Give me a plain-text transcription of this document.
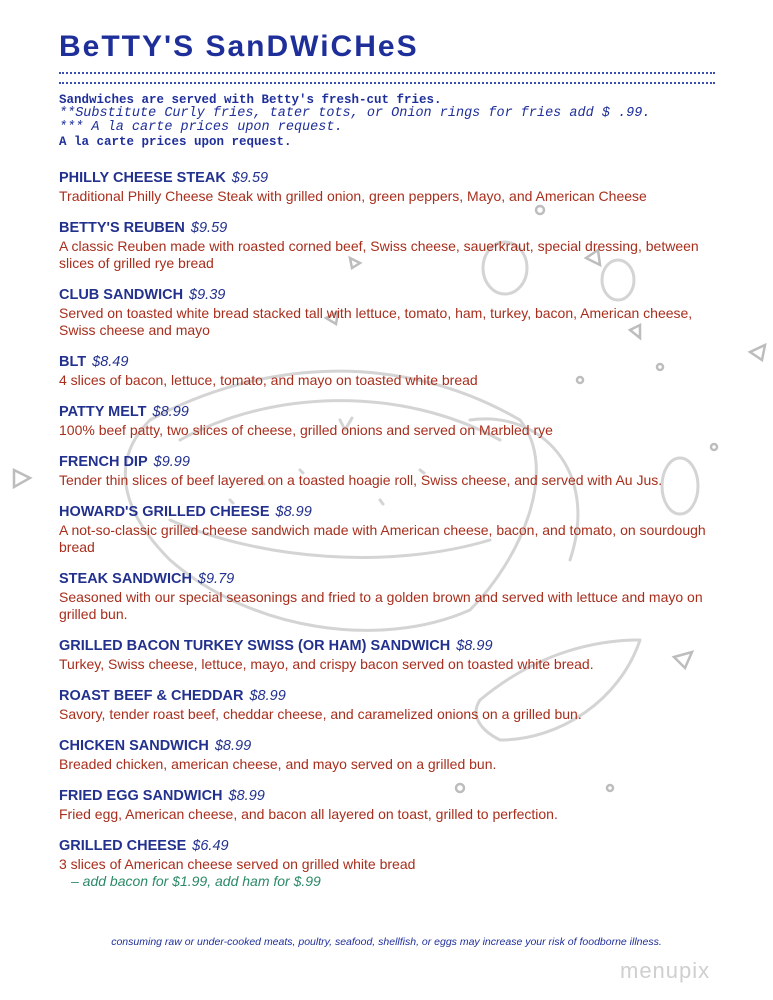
BeTTY'S SanDWiCHeS
Sandwiches are served with Betty's fresh-cut fries.
**Substitute Curly fries, tater tots, or Onion rings for fries add $ .99.
*** A la carte prices upon request.
A la carte prices upon request.
PHILLY CHEESE STEAK $9.59
Traditional Philly Cheese Steak with grilled onion, green peppers, Mayo, and American Cheese
BETTY'S REUBEN $9.59
A classic Reuben made with roasted corned beef, Swiss cheese, sauerkraut, special dressing, between slices of grilled rye bread
CLUB SANDWICH $9.39
Served on toasted white bread stacked tall with lettuce, tomato, ham, turkey, bacon, American cheese, Swiss cheese and mayo
BLT $8.49
4 slices of bacon, lettuce, tomato, and mayo on toasted white bread
PATTY MELT $8.99
100% beef patty, two slices of cheese, grilled onions and served on Marbled rye
FRENCH DIP $9.99
Tender thin slices of beef layered on a toasted hoagie roll, Swiss cheese, and served with Au Jus.
HOWARD'S GRILLED CHEESE $8.99
A not-so-classic grilled cheese sandwich made with American cheese, bacon, and tomato, on sourdough bread
STEAK SANDWICH $9.79
Seasoned with our special seasonings and fried to a golden brown and served with lettuce and mayo on grilled bun.
GRILLED BACON TURKEY SWISS (OR HAM) SANDWICH $8.99
Turkey, Swiss cheese, lettuce, mayo, and crispy bacon served on toasted white bread.
ROAST BEEF & CHEDDAR $8.99
Savory, tender roast beef, cheddar cheese, and caramelized onions on a grilled bun.
CHICKEN SANDWICH $8.99
Breaded chicken, american cheese, and mayo served on a grilled bun.
FRIED EGG SANDWICH $8.99
Fried egg, American cheese, and bacon all layered on toast, grilled to perfection.
GRILLED CHEESE $6.49
3 slices of American cheese served on grilled white bread
– add bacon for $1.99, add ham for $.99
consuming raw or under-cooked meats, poultry, seafood, shellfish, or eggs may increase your risk of foodborne illness.
menupix
